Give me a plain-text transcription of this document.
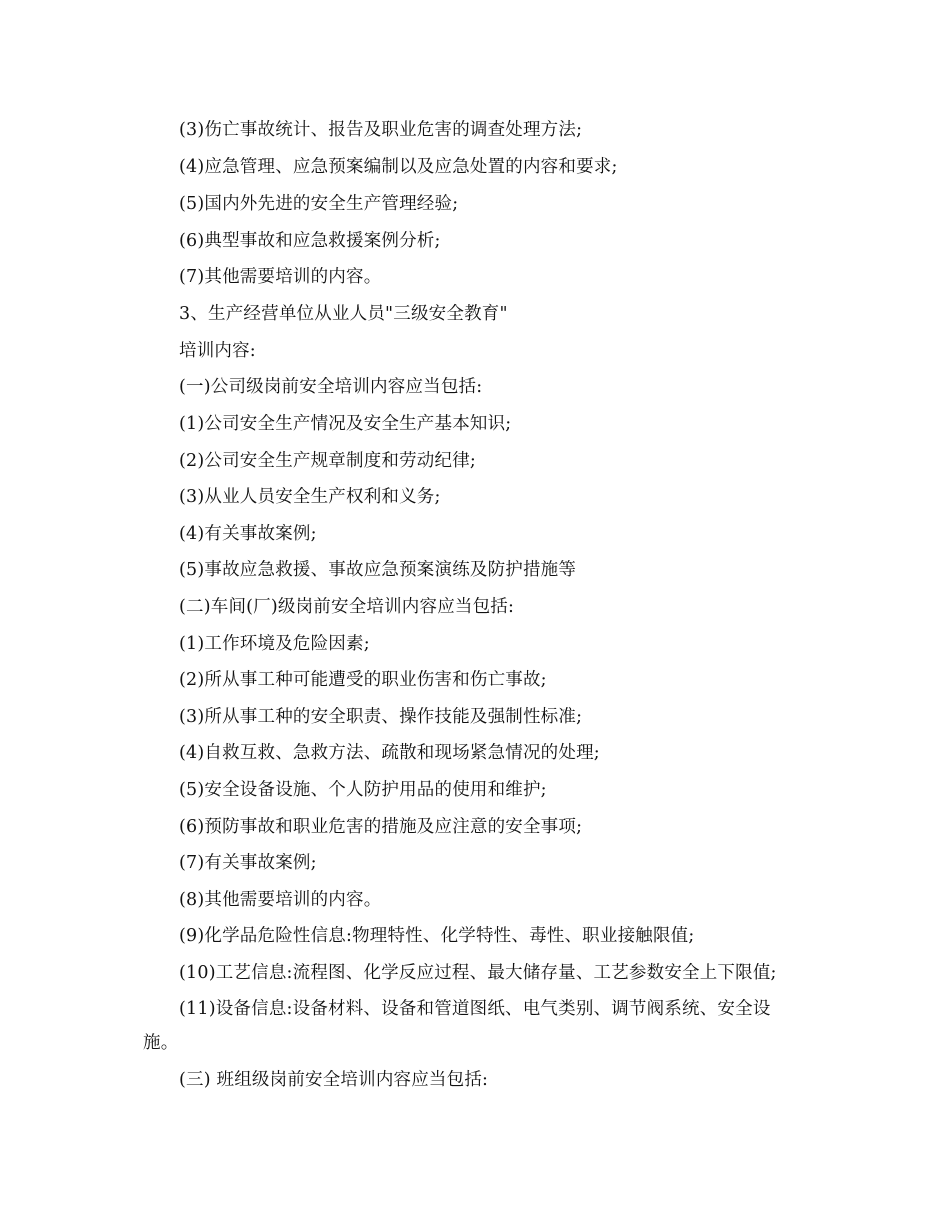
(3)伤亡事故统计、报告及职业危害的调查处理方法;
(4)应急管理、应急预案编制以及应急处置的内容和要求;
(5)国内外先进的安全生产管理经验;
(6)典型事故和应急救援案例分析;
(7)其他需要培训的内容。
3、生产经营单位从业人员"三级安全教育"
培训内容:
(一)公司级岗前安全培训内容应当包括:
(1)公司安全生产情况及安全生产基本知识;
(2)公司安全生产规章制度和劳动纪律;
(3)从业人员安全生产权利和义务;
(4)有关事故案例;
(5)事故应急救援、事故应急预案演练及防护措施等
(二)车间(厂)级岗前安全培训内容应当包括:
(1)工作环境及危险因素;
(2)所从事工种可能遭受的职业伤害和伤亡事故;
(3)所从事工种的安全职责、操作技能及强制性标准;
(4)自救互救、急救方法、疏散和现场紧急情况的处理;
(5)安全设备设施、个人防护用品的使用和维护;
(6)预防事故和职业危害的措施及应注意的安全事项;
(7)有关事故案例;
(8)其他需要培训的内容。
(9)化学品危险性信息:物理特性、化学特性、毒性、职业接触限值;
(10)工艺信息:流程图、化学反应过程、最大储存量、工艺参数安全上下限值;
(11)设备信息:设备材料、设备和管道图纸、电气类别、调节阀系统、安全设
施。
(三) 班组级岗前安全培训内容应当包括:
